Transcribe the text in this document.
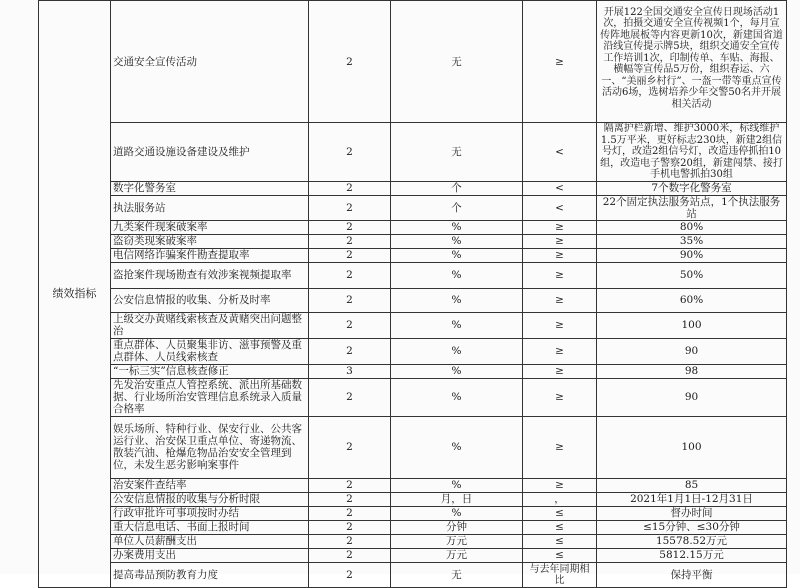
绩效指标	交通安全宣传活动	2	无	≥	开展122全国交通安全宣传日现场活动1次，拍摄交通安全宣传视频1个，每月宣传阵地展板等内容更新10次，新建国省道沿线宣传提示牌5块，组织交通安全宣传工作培训1次，印制传单、车贴、海报、横幅等宣传品5万份，组织春运、六一、“美丽乡村行”、一盔一带等重点宣传活动6场，选树培养少年交警50名并开展相关活动

	道路交通设施设备建设及维护	2	无	<	隔离护栏新增、维护3000米，标线维护1.5万平米，更好标志230块，新建2组信号灯，改造2组信号灯，改造违停抓拍10组，改造电子警察20组，新建闯禁、接打手机电警抓拍30组
	数字化警务室	2	个	<	7个数字化警务室
	执法服务站	2	个	<	22个固定执法服务站点，1个执法服务站
	九类案件现案破案率	2	%	≥	80%
	盗窃类现案破案率	2	%	≥	35%
	电信网络诈骗案件勘查提取率	2	%	≥	90%
	盗抢案件现场勘查有效涉案视频提取率	2	%	≥	50%
	公安信息情报的收集、分析及时率	2	%	≥	60%
	上级交办黄赌线索核查及黄赌突出问题整治	2	%	≥	100
	重点群体、人员聚集非访、滋事预警及重点群体、人员线索核查	2	%	≥	90
	“一标三实”信息核查修正	3	%	≥	98
	先发治安重点人管控系统、派出所基础数据、行业场所治安管理信息系统录入质量合格率	2	%	≥	90
	娱乐场所、特种行业、保安行业、公共客运行业、治安保卫重点单位、寄递物流、散装汽油、枪爆危物品治安安全管理到位，未发生恶劣影响案事件	2	%	≥	100
	治安案件查结率	2	%	≥	85
	公安信息情报的收集与分析时限	2	月，日	，	2021年1月1日-12月31日
	行政审批许可事项按时办结	2	%	≤	督办时间
	重大信息电话、书面上报时间	2	分钟	≤	≤15分钟、≤30分钟
	单位人员薪酬支出	2	万元	≤	15578.52万元
	办案费用支出	2	万元	≤	5812.15万元
	提高毒品预防教育力度	2	无	与去年同期相比	保持平衡
